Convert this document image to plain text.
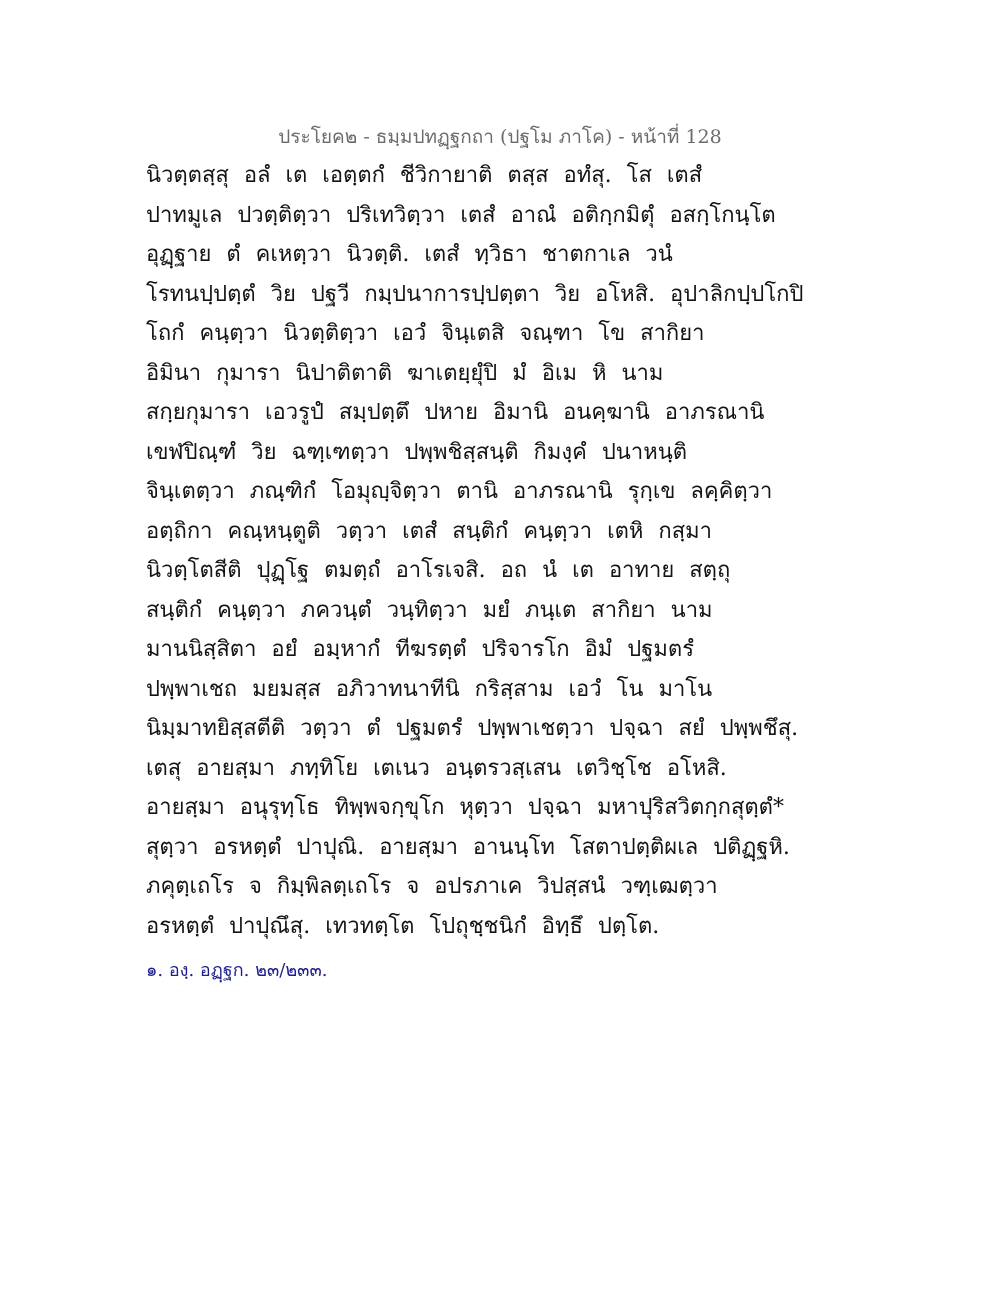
ประโยค๒ - ธมฺมปทฏฺฐกถา (ปฐโม ภาโค) - หน้าที่ 128
นิวตฺตสฺสุ อลํ เต เอตฺตกํ ชีวิกายาติ ตสฺส อทํสุ. โส เตสํ
ปาทมูเล ปวตฺติตฺวา ปริเทวิตฺวา เตสํ อาณํ อติกฺกมิตุํ อสกฺโกนฺโต
อุฏฺฐาย ตํ คเหตฺวา นิวตฺติ. เตสํ ทฺวิธา ชาตกาเล วนํ
โรทนปฺปตฺตํ วิย ปฐวี กมฺปนาการปฺปตฺตา วิย อโหสิ. อุปาลิกปฺปโกปิ
โถกํ คนฺตฺวา นิวตฺติตฺวา เอวํ จินฺเตสิ จณฺฑา โข สากิยา
อิมินา กุมารา นิปาติตาติ ฆาเตยฺยุํปิ มํ อิเม หิ นาม
สกฺยกุมารา เอวรูปํ สมฺปตฺตึ ปหาย อิมานิ อนคฺฆานิ อาภรณานิ
เขฬปิณฺฑํ วิย ฉฑฺเฑตฺวา ปพฺพชิสฺสนฺติ กิมงฺคํ ปนาหนฺติ
จินฺเตตฺวา ภณฺฑิกํ โอมุญฺจิตฺวา ตานิ อาภรณานิ รุกฺเข ลคฺคิตฺวา
อตฺถิกา คณฺหนฺตูติ วตฺวา เตสํ สนฺติกํ คนฺตฺวา เตหิ กสฺมา
นิวตฺโตสีติ ปุฏฺโฐ ตมตฺถํ อาโรเจสิ. อถ นํ เต อาทาย สตฺถุ
สนฺติกํ คนฺตฺวา ภควนฺตํ วนฺทิตฺวา มยํ ภนฺเต สากิยา นาม
มานนิสฺสิตา อยํ อมฺหากํ ทีฆรตฺตํ ปริจารโก อิมํ ปฐมตรํ
ปพฺพาเชถ มยมสฺส อภิวาทนาทีนิ กริสฺสาม เอวํ โน มาโน
นิมฺมาทยิสฺสตีติ วตฺวา ตํ ปฐมตรํ ปพฺพาเชตฺวา ปจฺฉา สยํ ปพฺพชึสุ.
เตสุ อายสฺมา ภทฺทิโย เตเนว อนฺตรวสฺเสน เตวิชฺโช อโหสิ.
อายสฺมา อนุรุทฺโธ ทิพฺพจกฺขุโก หุตฺวา ปจฺฉา มหาปุริสวิตกฺกสุตฺตํ*
สุตฺวา อรหตฺตํ ปาปุณิ. อายสฺมา อานนฺโท โสตาปตฺติผเล ปติฏฺฐหิ.
ภคุตฺเถโร จ กิมฺพิลตฺเถโร จ อปรภาเค วิปสฺสนํ วฑฺเฒตฺวา
อรหตฺตํ ปาปุณึสุ. เทวทตฺโต โปถุชฺชนิกํ อิทฺธึ ปตฺโต.
๑. องฺ. อฏฺฐก. ๒๓/๒๓๓.
